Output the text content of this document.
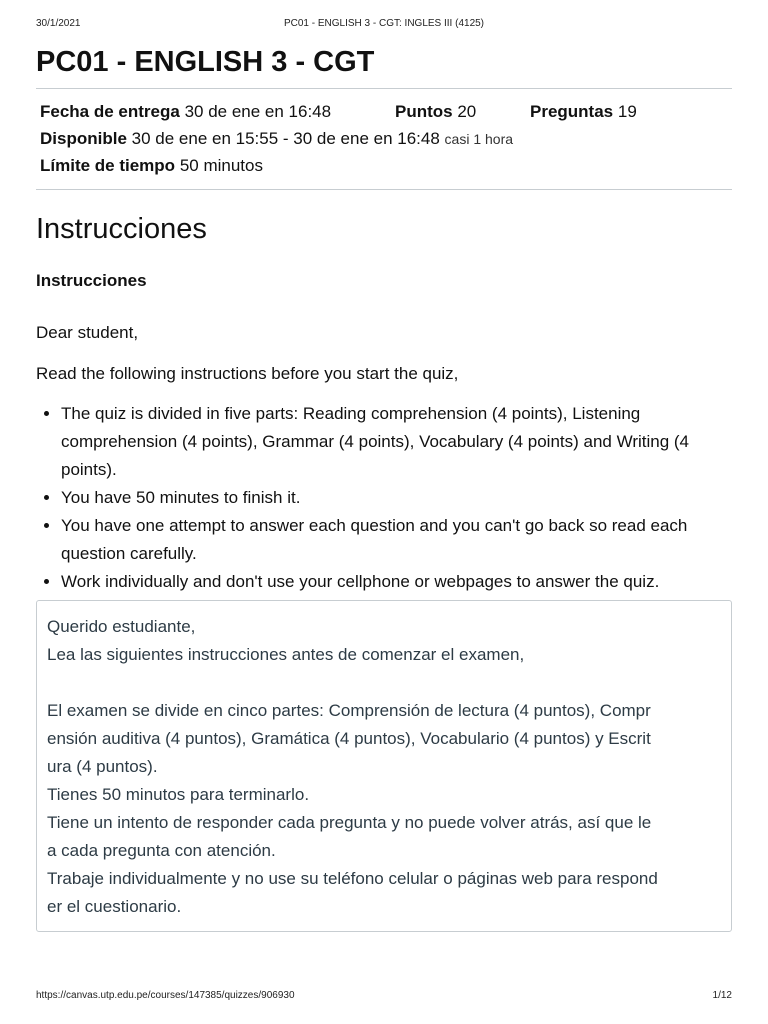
30/1/2021	PC01 - ENGLISH 3 - CGT: INGLES III (4125)
PC01 - ENGLISH 3 - CGT
Fecha de entrega 30 de ene en 16:48	Puntos 20	Preguntas 19
Disponible 30 de ene en 15:55 - 30 de ene en 16:48 casi 1 hora
Límite de tiempo 50 minutos
Instrucciones
Instrucciones

Dear student,

Read the following instructions before you start the quiz,

• The quiz is divided in five parts: Reading comprehension (4 points), Listening comprehension (4 points), Grammar (4 points), Vocabulary (4 points) and Writing (4 points).
• You have 50 minutes to finish it.
• You have one attempt to answer each question and you can't go back so read each question carefully.
• Work individually and don't use your cellphone or webpages to answer the quiz.
Querido estudiante,
Lea las siguientes instrucciones antes de comenzar el examen,
El examen se divide en cinco partes: Comprensión de lectura (4 puntos), Compr
ensión auditiva (4 puntos), Gramática (4 puntos), Vocabulario (4 puntos) y Escrit
ura (4 puntos).
Tienes 50 minutos para terminarlo.
Tiene un intento de responder cada pregunta y no puede volver atrás, así que le
a cada pregunta con atención.
Trabaje individualmente y no use su teléfono celular o páginas web para respond
er el cuestionario.
https://canvas.utp.edu.pe/courses/147385/quizzes/906930	1/12
